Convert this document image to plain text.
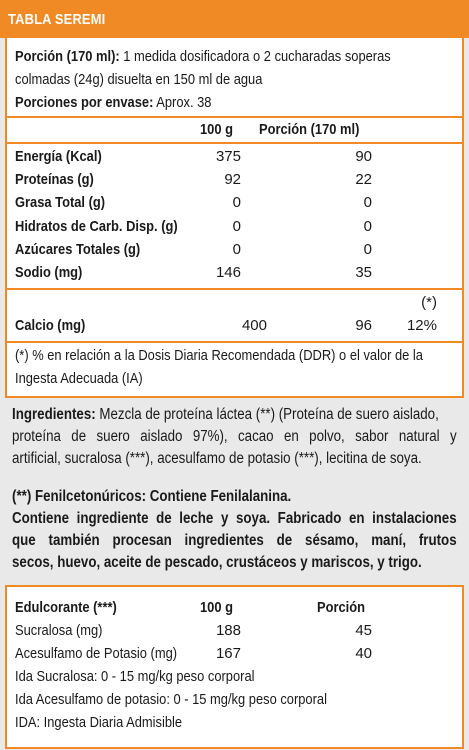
TABLA SEREMI
Porción (170 ml): 1 medida dosificadora o 2 cucharadas soperas
colmadas (24g) disuelta en 150 ml de agua
Porciones por envase: Aprox. 38
100 g	Porción (170 ml)
Energía (Kcal)	375	90
Proteínas (g)	92	22
Grasa Total (g)	0	0
Hidratos de Carb. Disp. (g)	0	0
Azúcares Totales (g)	0	0
Sodio (mg)	146	35
(*)
Calcio (mg)	400	96	12%
(*) % en relación a la Dosis Diaria Recomendada (DDR) o el valor de la
Ingesta Adecuada (IA)
Ingredientes: Mezcla de proteína láctea (**) (Proteína de suero aislado,
proteína de suero aislado 97%), cacao en polvo, sabor natural y
artificial, sucralosa (***), acesulfamo de potasio (***), lecitina de soya.
(**) Fenilcetonúricos: Contiene Fenilalanina.
Contiene ingrediente de leche y soya. Fabricado en instalaciones
que también procesan ingredientes de sésamo, maní, frutos
secos, huevo, aceite de pescado, crustáceos y mariscos, y trigo.
Edulcorante (***)	100 g	Porción
Sucralosa (mg)	188	45
Acesulfamo de Potasio (mg)	167	40
Ida Sucralosa: 0 - 15 mg/kg peso corporal
Ida Acesulfamo de potasio: 0 - 15 mg/kg peso corporal
IDA: Ingesta Diaria Admisible
